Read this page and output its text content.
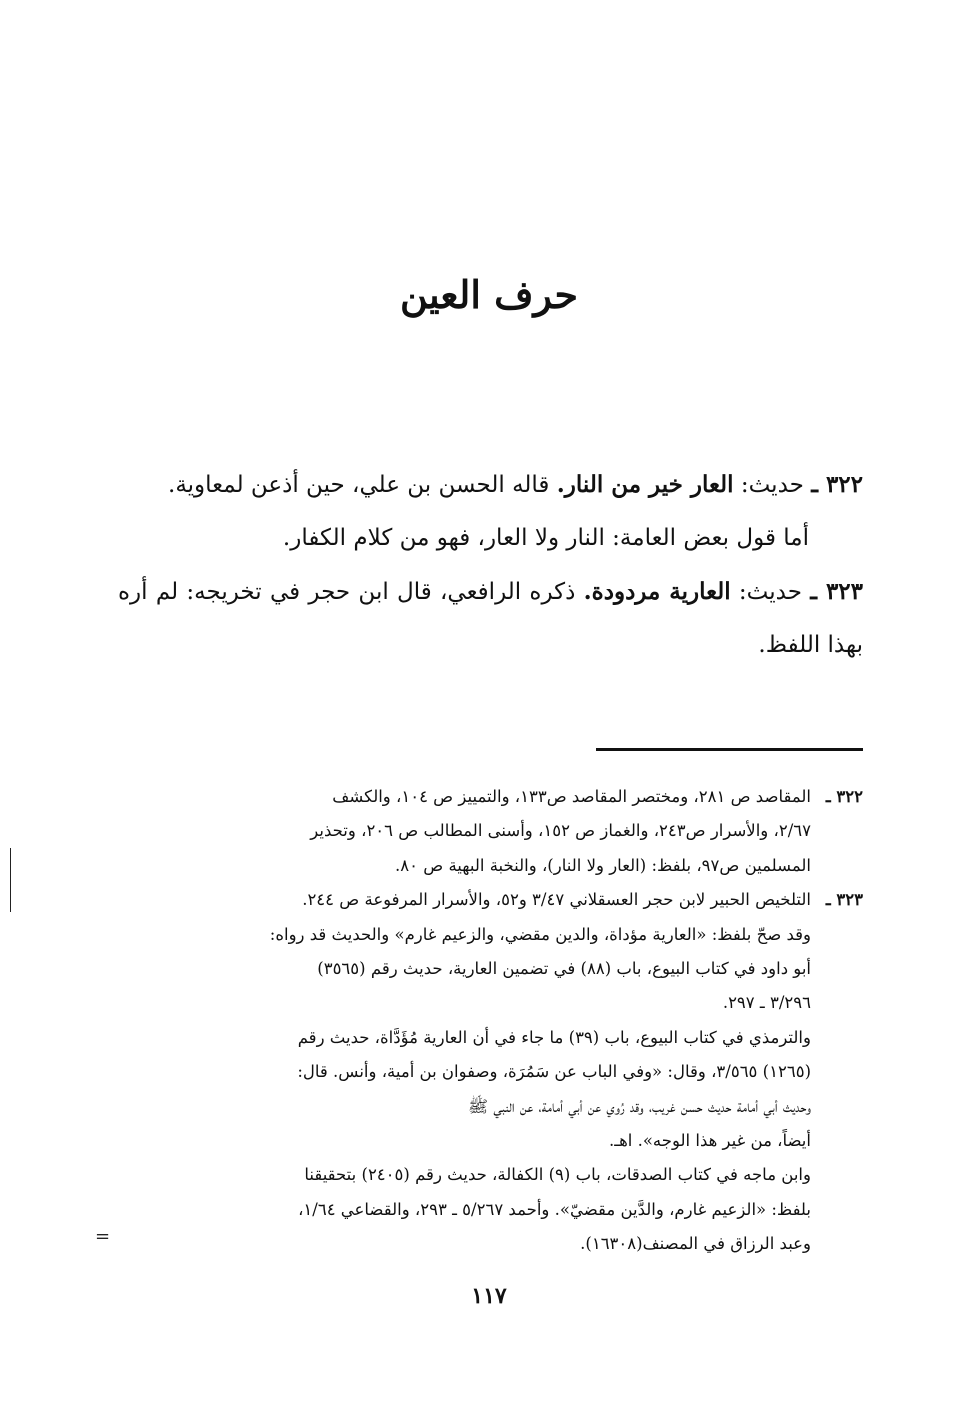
حرف العين

٣٢٢ ـ حديث: العار خير من النار. قاله الحسن بن علي، حين أذعن لمعاوية.

أما قول بعض العامة: النار ولا العار، فهو من كلام الكفار.

٣٢٣ ـ حديث: العارية مردودة. ذكره الرافعي، قال ابن حجر في تخريجه: لم أره بهذا اللفظ.

٣٢٢ ـالمقاصد ص ٢٨١، ومختصر المقاصد ص١٣٣، والتمييز ص ١٠٤، والكشف
٢/٦٧، والأسرار ص٢٤٣، والغماز ص ١٥٢، وأسنى المطالب ص ٢٠٦، وتحذير
المسلمين ص٩٧، بلفظ: (العار ولا النار)، والنخبة البهية ص ٨٠.
٣٢٣ ـالتلخيص الحبير لابن حجر العسقلاني ٣/٤٧ و٥٢، والأسرار المرفوعة ص ٢٤٤.
وقد صحّ بلفظ: «العارية مؤداة، والدين مقضي، والزعيم غارم» والحديث قد رواه:
أبو داود في كتاب البيوع، باب (٨٨) في تضمين العارية، حديث رقم (٣٥٦٥)
٣/٢٩٦ ـ ٢٩٧.
والترمذي في كتاب البيوع، باب (٣٩) ما جاء في أن العارية مُؤَدَّاة، حديث رقم
(١٢٦٥) ٣/٥٦٥، وقال: «وفي الباب عن سَمُرَة، وصفوان بن أمية، وأنس. قال:
وحديث أبي أمامة حديث حسن غريب، وقد رُوي عن أبي أمامة، عن النبي ﷺ
أيضاً، من غير هذا الوجه». اهـ.
وابن ماجه في كتاب الصدقات، باب (٩) الكفالة، حديث رقم (٢٤٠٥) بتحقيقنا
بلفظ: «الزعيم غارم، والدَّين مقضيّ». وأحمد ٥/٢٦٧ ـ ٢٩٣، والقضاعي ١/٦٤،
وعبد الرزاق في المصنف(١٦٣٠٨).
١١٧
=
